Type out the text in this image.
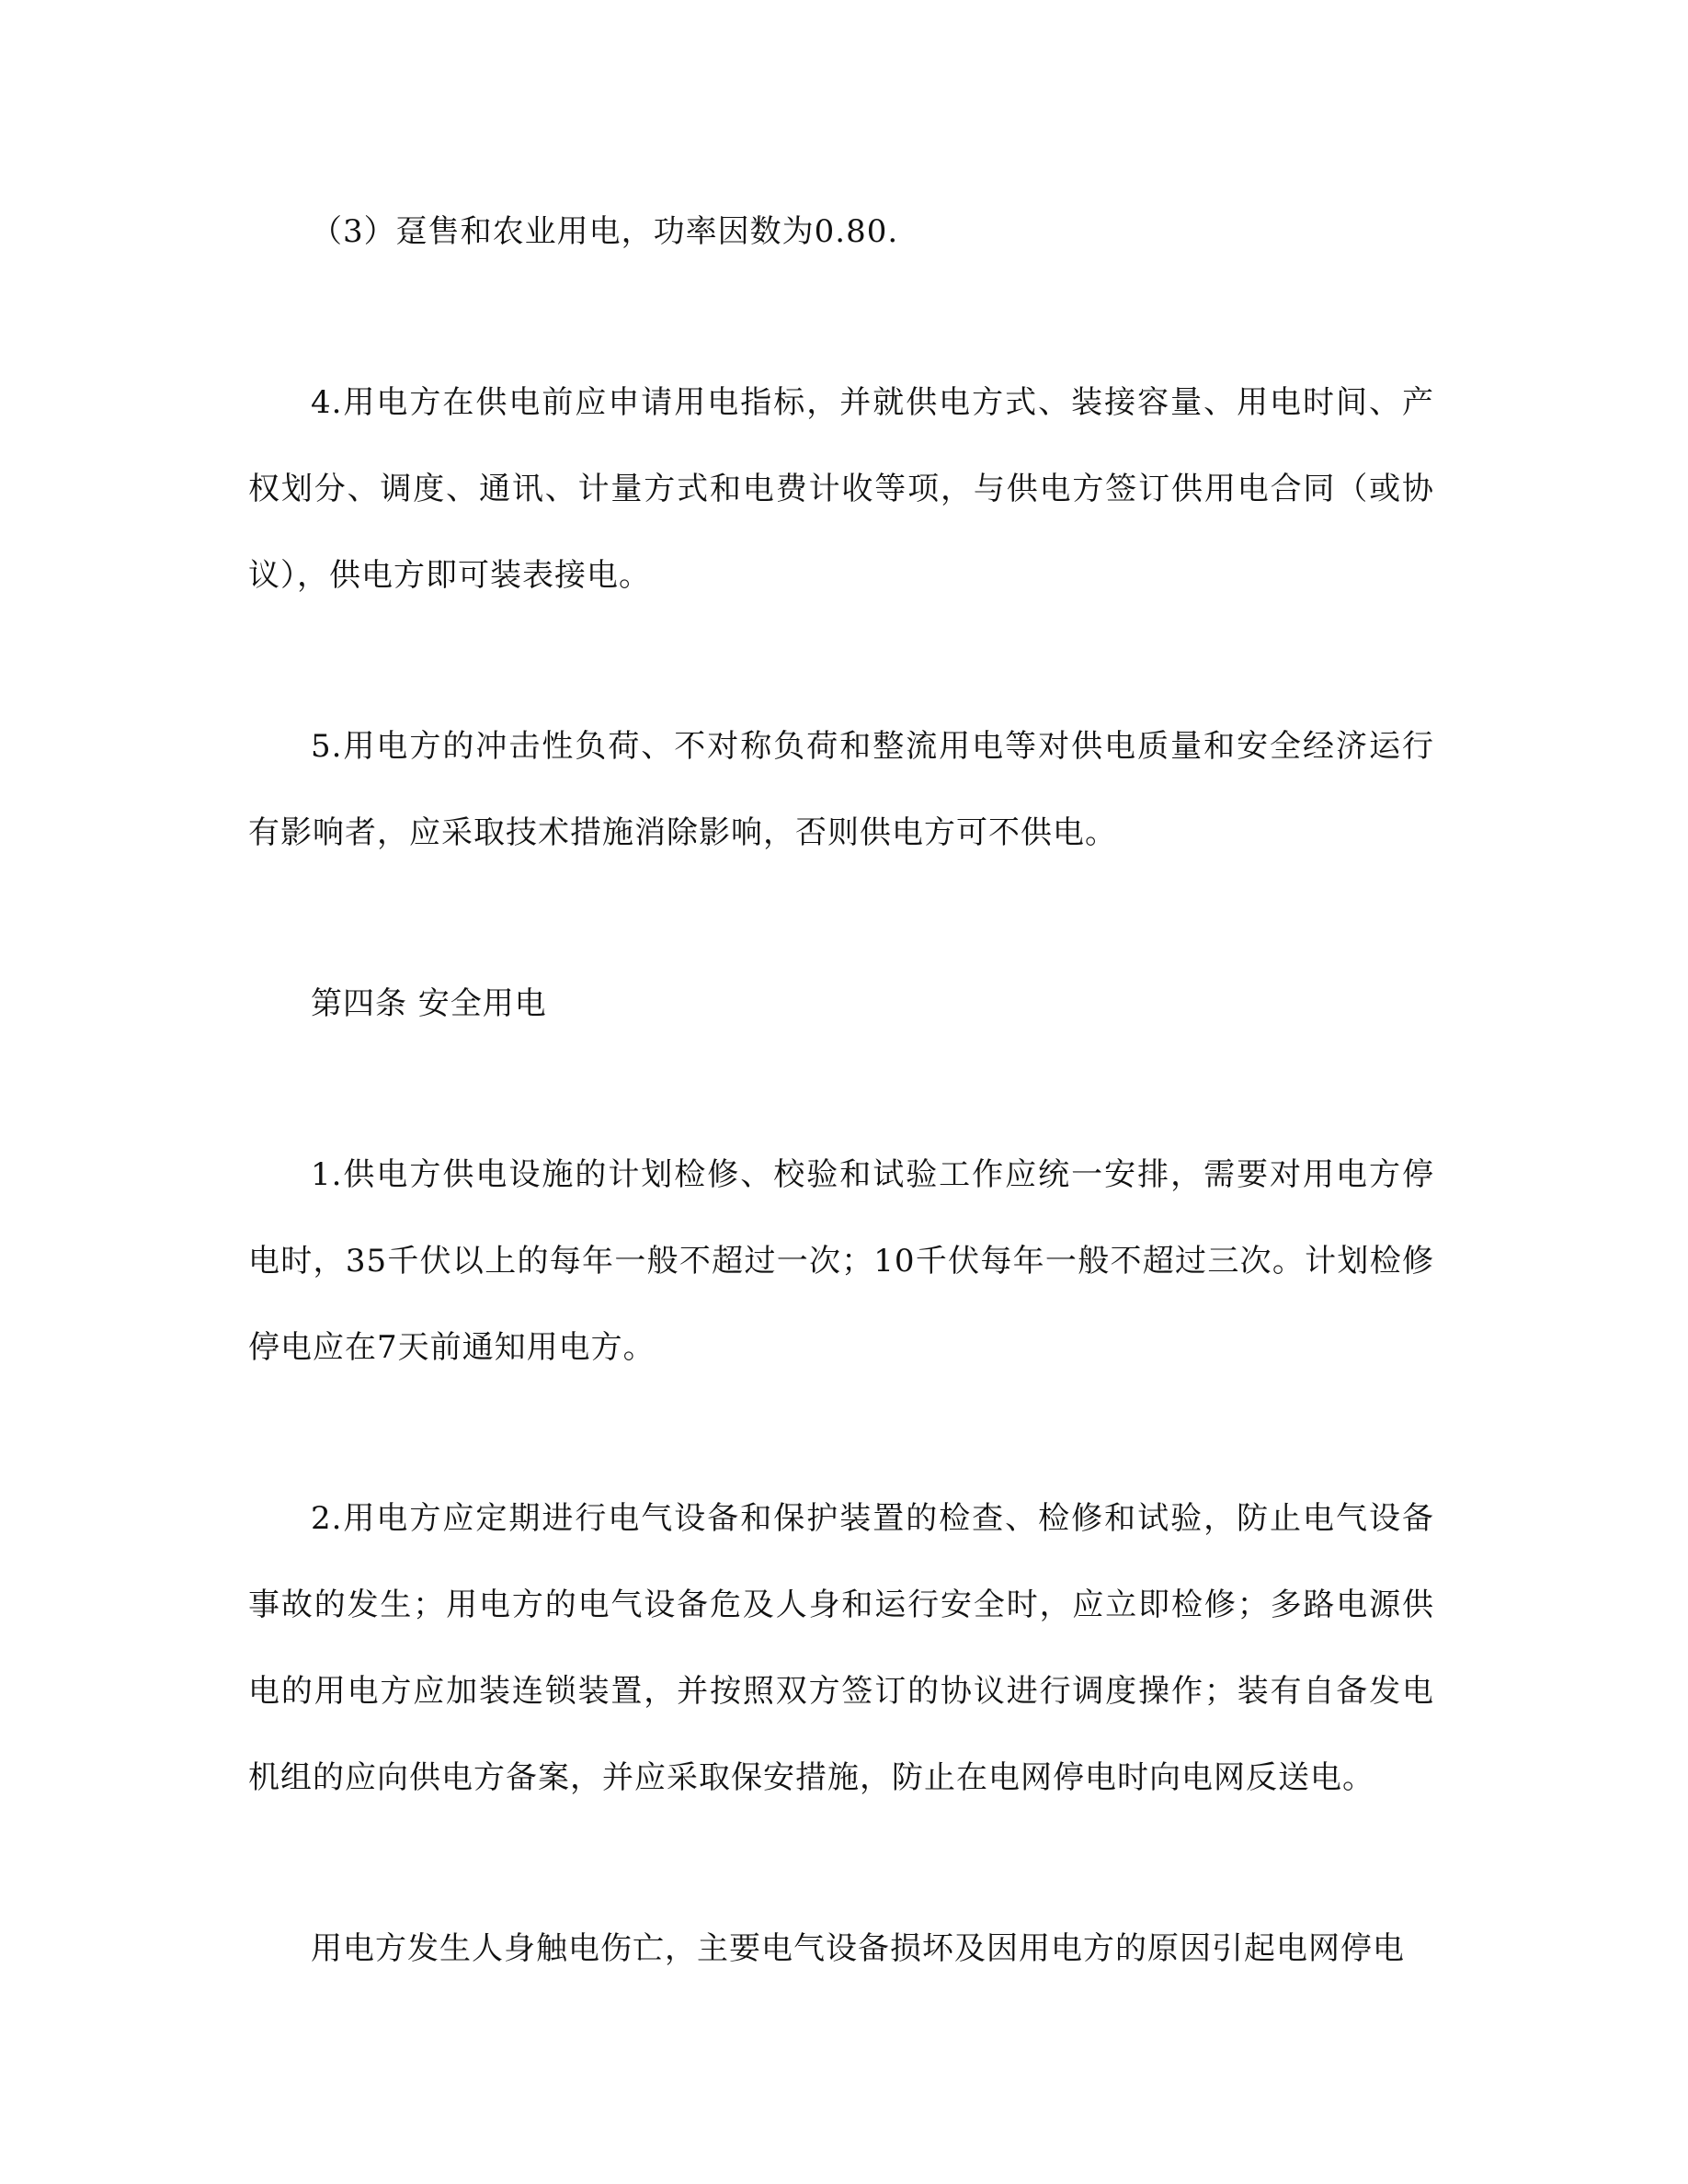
（3）趸售和农业用电，功率因数为0.80.

4.用电方在供电前应申请用电指标，并就供电方式、装接容量、用电时间、产权划分、调度、通讯、计量方式和电费计收等项，与供电方签订供用电合同（或协议），供电方即可装表接电。

5.用电方的冲击性负荷、不对称负荷和整流用电等对供电质量和安全经济运行有影响者，应采取技术措施消除影响，否则供电方可不供电。

第四条 安全用电

1.供电方供电设施的计划检修、校验和试验工作应统一安排，需要对用电方停电时，35千伏以上的每年一般不超过一次；10千伏每年一般不超过三次。计划检修停电应在7天前通知用电方。

2.用电方应定期进行电气设备和保护装置的检查、检修和试验，防止电气设备事故的发生；用电方的电气设备危及人身和运行安全时，应立即检修；多路电源供电的用电方应加装连锁装置，并按照双方签订的协议进行调度操作；装有自备发电机组的应向供电方备案，并应采取保安措施，防止在电网停电时向电网反送电。

用电方发生人身触电伤亡，主要电气设备损坏及因用电方的原因引起电网停电
